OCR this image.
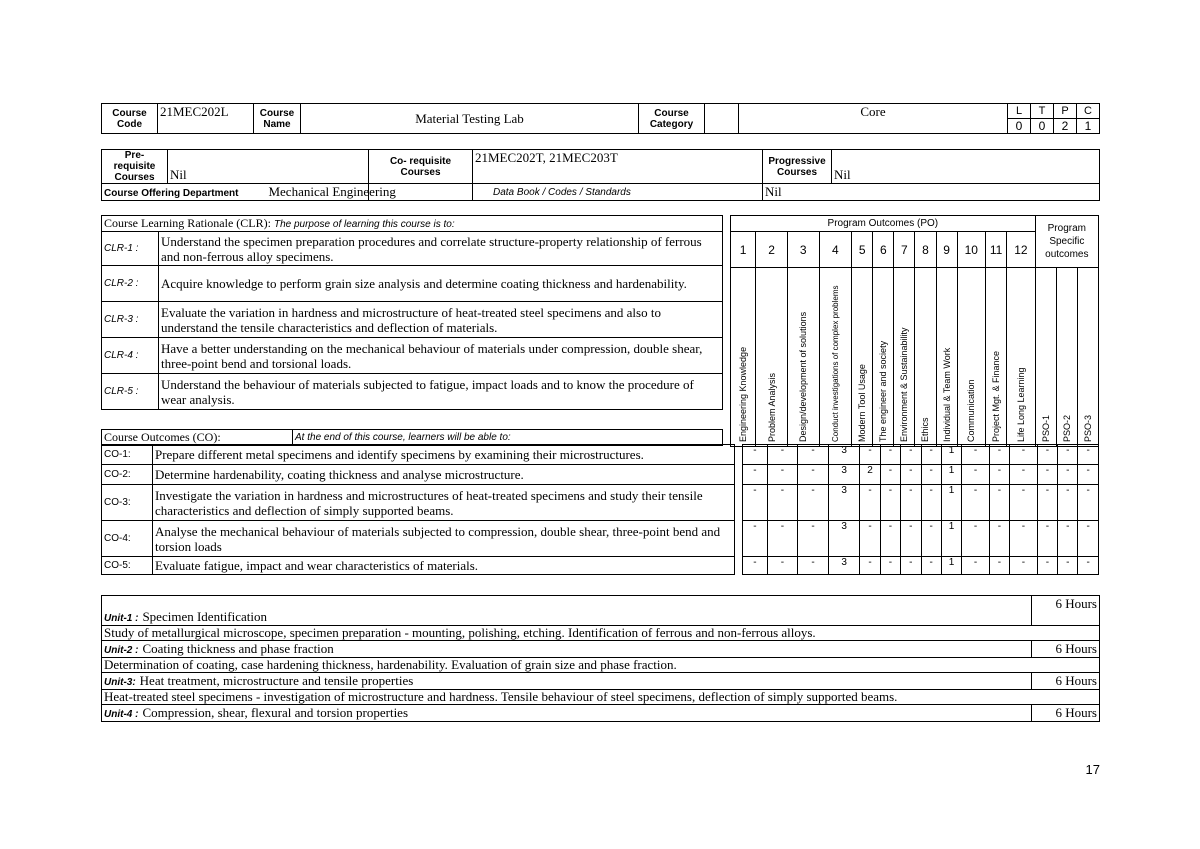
Course Code	21MEC202L	Course Name	Material Testing Lab	Course Category		Core	L	T	P	C
							0	0	2	1
Pre-requisite Courses	Nil	Co- requisite Courses	21MEC202T, 21MEC203T	Progressive Courses	Nil
Course Offering Department Mechanical Engineering			Data Book / Codes / Standards	Nil	
Course Learning Rationale (CLR): The purpose of learning this course is to:	
CLR-1 :	Understand the specimen preparation procedures and correlate structure-property relationship of ferrous and non-ferrous alloy specimens.
CLR-2 :	Acquire knowledge to perform grain size analysis and determine coating thickness and hardenability.
CLR-3 :	Evaluate the variation in hardness and microstructure of heat-treated steel specimens and also to understand the tensile characteristics and deflection of materials.
CLR-4 :	Have a better understanding on the mechanical behaviour of materials under compression, double shear, three-point bend and torsional loads.
CLR-5 :	Understand the behaviour of materials subjected to fatigue, impact loads and to know the procedure of wear analysis.
Course Outcomes (CO):	At the end of this course, learners will be able to:
Program Outcomes (PO)												Program Specific outcomes		
1	2	3	4	5	6	7	8	9	10	11	12			

Engineering Knowledge	Problem Analysis	Design/development of solutions	Conduct investigations of complex problems	Modern Tool Usage	The engineer and society	Environment & Sustainability	Ethics	Individual & Team Work	Communication	Project Mgt. & Finance	Life Long Learning	PSO-1	PSO-2	PSO-3
CO-1:	Prepare different metal specimens and identify specimens by examining their microstructures.		-	-	-	3	-	-	-	-	1	-	-	-	-	-	-
CO-2:	Determine hardenability, coating thickness and analyse microstructure.		-	-	-	3	2	-	-	-	1	-	-	-	-	-	-
CO-3:	Investigate the variation in hardness and microstructures of heat-treated specimens and study their tensile characteristics and deflection of simply supported beams.		-	-	-	3	-	-	-	-	1	-	-	-	-	-	-
CO-4:	Analyse the mechanical behaviour of materials subjected to compression, double shear, three-point bend and torsion loads		-	-	-	3	-	-	-	-	1	-	-	-	-	-	-
CO-5:	Evaluate fatigue, impact and wear characteristics of materials.		-	-	-	3	-	-	-	-	1	-	-	-	-	-	-
Unit-1 : Specimen Identification	6 Hours
Study of metallurgical microscope, specimen preparation - mounting, polishing, etching. Identification of ferrous and non-ferrous alloys.	
Unit-2 : Coating thickness and phase fraction	6 Hours
Determination of coating, case hardening thickness, hardenability. Evaluation of grain size and phase fraction.	
Unit-3: Heat treatment, microstructure and tensile properties	6 Hours
Heat-treated steel specimens - investigation of microstructure and hardness. Tensile behaviour of steel specimens, deflection of simply supported beams.	
Unit-4 : Compression, shear, flexural and torsion properties	6 Hours
17
